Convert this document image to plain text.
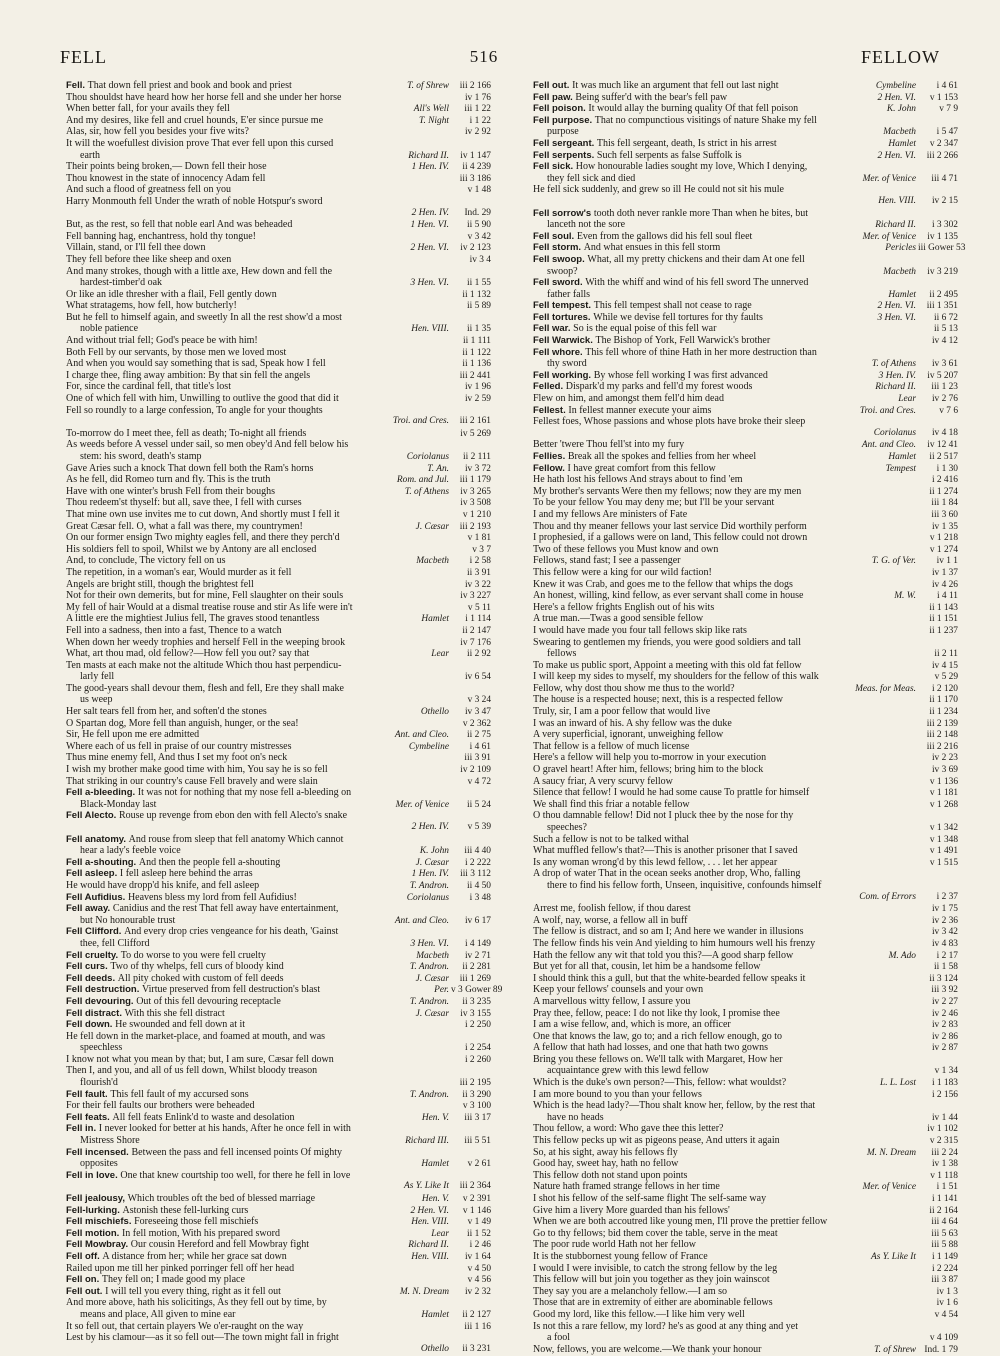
FELL	516	FELLOW
Fell. That down fell priest and book and book and priest	T. of Shrew	iii 2 166
Thou shouldst have heard how her horse fell and she under her horse	iv 1 76
When better fall, for your avails they fell	All's Well	iii 1 22
And my desires, like fell and cruel hounds, E'er since pursue me	T. Night	i 1 22
Alas, sir, how fell you besides your five wits?	iv 2 92
It will the woefullest division prove That ever fell upon this cursed
earth	Richard II.	iv 1 147
Their points being broken,— Down fell their hose	1 Hen. IV.	ii 4 239
Thou knowest in the state of innocency Adam fell	iii 3 186
And such a flood of greatness fell on you	v 1 48
Harry Monmouth fell Under the wrath of noble Hotspur's sword
2 Hen. IV.	Ind. 29
But, as the rest, so fell that noble earl And was beheaded	1 Hen. VI.	ii 5 90
Fell banning hag, enchantress, hold thy tongue!	v 3 42
Villain, stand, or I'll fell thee down	2 Hen. VI.	iv 2 123
They fell before thee like sheep and oxen	iv 3 4
And many strokes, though with a little axe, Hew down and fell the
hardest-timber'd oak	3 Hen. VI.	ii 1 55
Or like an idle thresher with a flail, Fell gently down	ii 1 132
What stratagems, how fell, how butcherly!	ii 5 89
But he fell to himself again, and sweetly In all the rest show'd a most
noble patience	Hen. VIII.	ii 1 35
And without trial fell; God's peace be with him!	ii 1 111
Both Fell by our servants, by those men we loved most	ii 1 122
And when you would say something that is sad, Speak how I fell	ii 1 136
I charge thee, fling away ambition: By that sin fell the angels	iii 2 441
For, since the cardinal fell, that title's lost	iv 1 96
One of which fell with him, Unwilling to outlive the good that did it	iv 2 59
Fell so roundly to a large confession, To angle for your thoughts
Troi. and Cres.	iii 2 161
To-morrow do I meet thee, fell as death; To-night all friends	iv 5 269
As weeds before A vessel under sail, so men obey'd And fell below his
stem: his sword, death's stamp	Coriolanus	ii 2 111
Gave Aries such a knock That down fell both the Ram's horns	T. An.	iv 3 72
As he fell, did Romeo turn and fly. This is the truth	Rom. and Jul.	iii 1 179
Have with one winter's brush Fell from their boughs	T. of Athens	iv 3 265
Thou redeem'st thyself: but all, save thee, I fell with curses	iv 3 508
That mine own use invites me to cut down, And shortly must I fell it	v 1 210
Great Cæsar fell. O, what a fall was there, my countrymen!	J. Cæsar	iii 2 193
On our former ensign Two mighty eagles fell, and there they perch'd	v 1 81
His soldiers fell to spoil, Whilst we by Antony are all enclosed	v 3 7
And, to conclude, The victory fell on us	Macbeth	i 2 58
The repetition, in a woman's ear, Would murder as it fell	ii 3 91
Angels are bright still, though the brightest fell	iv 3 22
Not for their own demerits, but for mine, Fell slaughter on their souls	iv 3 227
My fell of hair Would at a dismal treatise rouse and stir As life were in't	v 5 11
A little ere the mightiest Julius fell, The graves stood tenantless	Hamlet	i 1 114
Fell into a sadness, then into a fast, Thence to a watch	ii 2 147
When down her weedy trophies and herself Fell in the weeping brook	iv 7 176
What, art thou mad, old fellow?—How fell you out? say that	Lear	ii 2 92
Ten masts at each make not the altitude Which thou hast perpendicu-
larly fell	iv 6 54
The good-years shall devour them, flesh and fell, Ere they shall make
us weep	v 3 24
Her salt tears fell from her, and soften'd the stones	Othello	iv 3 47
O Spartan dog, More fell than anguish, hunger, or the sea!	v 2 362
Sir, He fell upon me ere admitted	Ant. and Cleo.	ii 2 75
Where each of us fell in praise of our country mistresses	Cymbeline	i 4 61
Thus mine enemy fell, And thus I set my foot on's neck	iii 3 91
I wish my brother make good time with him, You say he is so fell	iv 2 109
That striking in our country's cause Fell bravely and were slain	v 4 72
Fell a-bleeding. It was not for nothing that my nose fell a-bleeding on
Black-Monday last	Mer. of Venice	ii 5 24
Fell Alecto. Rouse up revenge from ebon den with fell Alecto's snake
2 Hen. IV.	v 5 39
Fell anatomy. And rouse from sleep that fell anatomy Which cannot
hear a lady's feeble voice	K. John	iii 4 40
Fell a-shouting. And then the people fell a-shouting	J. Cæsar	i 2 222
Fell asleep. I fell asleep here behind the arras	1 Hen. IV.	iii 3 112
He would have dropp'd his knife, and fell asleep	T. Andron.	ii 4 50
Fell Aufidius. Heavens bless my lord from fell Aufidius!	Coriolanus	i 3 48
Fell away. Canidius and the rest That fell away have entertainment,
but No honourable trust	Ant. and Cleo.	iv 6 17
Fell Clifford. And every drop cries vengeance for his death, 'Gainst
thee, fell Clifford	3 Hen. VI.	i 4 149
Fell cruelty. To do worse to you were fell cruelty	Macbeth	iv 2 71
Fell curs. Two of thy whelps, fell curs of bloody kind	T. Andron.	ii 2 281
Fell deeds. All pity choked with custom of fell deeds	J. Cæsar	iii 1 269
Fell destruction. Virtue preserved from fell destruction's blast	Per. v 3 Gower 89
Fell devouring. Out of this fell devouring receptacle	T. Andron.	ii 3 235
Fell distract. With this she fell distract	J. Cæsar	iv 3 155
Fell down. He swounded and fell down at it	i 2 250
He fell down in the market-place, and foamed at mouth, and was
speechless	i 2 254
I know not what you mean by that; but, I am sure, Cæsar fell down	i 2 260
Then I, and you, and all of us fell down, Whilst bloody treason
flourish'd	iii 2 195
Fell fault. This fell fault of my accursed sons	T. Andron.	ii 3 290
For their fell faults our brothers were beheaded	v 3 100
Fell feats. All fell feats Enlink'd to waste and desolation	Hen. V.	iii 3 17
Fell in. I never looked for better at his hands, After he once fell in with
Mistress Shore	Richard III.	iii 5 51
Fell incensed. Between the pass and fell incensed points Of mighty
opposites	Hamlet	v 2 61
Fell in love. One that knew courtship too well, for there he fell in love
As Y. Like It	iii 2 364
Fell jealousy, Which troubles oft the bed of blessed marriage	Hen. V.	v 2 391
Fell-lurking. Astonish these fell-lurking curs	2 Hen. VI.	v 1 146
Fell mischiefs. Foreseeing those fell mischiefs	Hen. VIII.	v 1 49
Fell motion. In fell motion, With his prepared sword	Lear	ii 1 52
Fell Mowbray. Our cousin Hereford and fell Mowbray fight	Richard II.	i 2 46
Fell off. A distance from her; while her grace sat down	Hen. VIII.	iv 1 64
Railed upon me till her pinked porringer fell off her head	v 4 50
Fell on. They fell on; I made good my place	v 4 56
Fell out. I will tell you every thing, right as it fell out	M. N. Dream	iv 2 32
And more above, hath his solicitings, As they fell out by time, by
means and place, All given to mine ear	Hamlet	ii 2 127
It so fell out, that certain players We o'er-raught on the way	iii 1 16
Lest by his clamour—as it so fell out—The town might fall in fright
Othello	ii 3 231
Fell out. It was much like an argument that fell out last night	Cymbeline	i 4 61
Fell paw. Being suffer'd with the bear's fell paw	2 Hen. VI.	v 1 153
Fell poison. It would allay the burning quality Of that fell poison	K. John	v 7 9
Fell purpose. That no compunctious visitings of nature Shake my fell
purpose	Macbeth	i 5 47
Fell sergeant. This fell sergeant, death, Is strict in his arrest	Hamlet	v 2 347
Fell serpents. Such fell serpents as false Suffolk is	2 Hen. VI.	iii 2 266
Fell sick. How honourable ladies sought my love, Which I denying,
they fell sick and died	Mer. of Venice	iii 4 71
He fell sick suddenly, and grew so ill He could not sit his mule
Hen. VIII.	iv 2 15
Fell sorrow's tooth doth never rankle more Than when he bites, but
lanceth not the sore	Richard II.	i 3 302
Fell soul. Even from the gallows did his fell soul fleet	Mer. of Venice	iv 1 135
Fell storm. And what ensues in this fell storm	Pericles iii Gower 53
Fell swoop. What, all my pretty chickens and their dam At one fell
swoop?	Macbeth	iv 3 219
Fell sword. With the whiff and wind of his fell sword The unnerved
father falls	Hamlet	ii 2 495
Fell tempest. This fell tempest shall not cease to rage	2 Hen. VI.	iii 1 351
Fell tortures. While we devise fell tortures for thy faults	3 Hen. VI.	ii 6 72
Fell war. So is the equal poise of this fell war	ii 5 13
Fell Warwick. The Bishop of York, Fell Warwick's brother	iv 4 12
Fell whore. This fell whore of thine Hath in her more destruction than
thy sword	T. of Athens	iv 3 61
Fell working. By whose fell working I was first advanced	3 Hen. IV.	iv 5 207
Felled. Dispark'd my parks and fell'd my forest woods	Richard II.	iii 1 23
Flew on him, and amongst them fell'd him dead	Lear	iv 2 76
Fellest. In fellest manner execute your aims	Troi. and Cres.	v 7 6
Fellest foes, Whose passions and whose plots have broke their sleep
Coriolanus	iv 4 18
Better 'twere Thou fell'st into my fury	Ant. and Cleo.	iv 12 41
Fellies. Break all the spokes and fellies from her wheel	Hamlet	ii 2 517
Fellow. I have great comfort from this fellow	Tempest	i 1 30
He hath lost his fellows And strays about to find 'em	i 2 416
My brother's servants Were then my fellows; now they are my men	ii 1 274
To be your fellow You may deny me; but I'll be your servant	iii 1 84
I and my fellows Are ministers of Fate	iii 3 60
Thou and thy meaner fellows your last service Did worthily perform	iv 1 35
I prophesied, if a gallows were on land, This fellow could not drown	v 1 218
Two of these fellows you Must know and own	v 1 274
Fellows, stand fast; I see a passenger	T. G. of Ver.	iv 1 1
This fellow were a king for our wild faction!	iv 1 37
Knew it was Crab, and goes me to the fellow that whips the dogs	iv 4 26
An honest, willing, kind fellow, as ever servant shall come in house	M. W.	i 4 11
Here's a fellow frights English out of his wits	ii 1 143
A true man.—Twas a good sensible fellow	ii 1 151
I would have made you four tall fellows skip like rats	ii 1 237
Swearing to gentlemen my friends, you were good soldiers and tall
fellows	ii 2 11
To make us public sport, Appoint a meeting with this old fat fellow	iv 4 15
I will keep my sides to myself, my shoulders for the fellow of this walk	v 5 29
Fellow, why dost thou show me thus to the world?	Meas. for Meas.	i 2 120
The house is a respected house; next, this is a respected fellow	ii 1 170
Truly, sir, I am a poor fellow that would live	ii 1 234
I was an inward of his. A shy fellow was the duke	iii 2 139
A very superficial, ignorant, unweighing fellow	iii 2 148
That fellow is a fellow of much license	iii 2 216
Here's a fellow will help you to-morrow in your execution	iv 2 23
O gravel heart! After him, fellows; bring him to the block	iv 3 69
A saucy friar, A very scurvy fellow	v 1 136
Silence that fellow! I would he had some cause To prattle for himself	v 1 181
We shall find this friar a notable fellow	v 1 268
O thou damnable fellow! Did not I pluck thee by the nose for thy
speeches?	v 1 342
Such a fellow is not to be talked withal	v 1 348
What muffled fellow's that?—This is another prisoner that I saved	v 1 491
Is any woman wrong'd by this lewd fellow, . . . let her appear	v 1 515
A drop of water That in the ocean seeks another drop, Who, falling
there to find his fellow forth, Unseen, inquisitive, confounds himself
Com. of Errors	i 2 37
Arrest me, foolish fellow, if thou darest	iv 1 75
A wolf, nay, worse, a fellow all in buff	iv 2 36
The fellow is distract, and so am I; And here we wander in illusions	iv 3 42
The fellow finds his vein And yielding to him humours well his frenzy	iv 4 83
Hath the fellow any wit that told you this?—A good sharp fellow	M. Ado	i 2 17
But yet for all that, cousin, let him be a handsome fellow	ii 1 58
I should think this a gull, but that the white-bearded fellow speaks it	ii 3 124
Keep your fellows' counsels and your own	iii 3 92
A marvellous witty fellow, I assure you	iv 2 27
Pray thee, fellow, peace: I do not like thy look, I promise thee	iv 2 46
I am a wise fellow, and, which is more, an officer	iv 2 83
One that knows the law, go to; and a rich fellow enough, go to	iv 2 86
A fellow that hath had losses, and one that hath two gowns	iv 2 87
Bring you these fellows on. We'll talk with Margaret, How her
acquaintance grew with this lewd fellow	v 1 34
Which is the duke's own person?—This, fellow: what wouldst?	L. L. Lost	i 1 183
I am more bound to you than your fellows	i 2 156
Which is the head lady?—Thou shalt know her, fellow, by the rest that
have no heads	iv 1 44
Thou fellow, a word: Who gave thee this letter?	iv 1 102
This fellow pecks up wit as pigeons pease, And utters it again	v 2 315
So, at his sight, away his fellows fly	M. N. Dream	iii 2 24
Good hay, sweet hay, hath no fellow	iv 1 38
This fellow doth not stand upon points	v 1 118
Nature hath framed strange fellows in her time	Mer. of Venice	i 1 51
I shot his fellow of the self-same flight The self-same way	i 1 141
Give him a livery More guarded than his fellows'	ii 2 164
When we are both accoutred like young men, I'll prove the prettier fellow	iii 4 64
Go to thy fellows; bid them cover the table, serve in the meat	iii 5 63
The poor rude world Hath not her fellow	iii 5 88
It is the stubbornest young fellow of France	As Y. Like It	i 1 149
I would I were invisible, to catch the strong fellow by the leg	i 2 224
This fellow will but join you together as they join wainscot	iii 3 87
They say you are a melancholy fellow.—I am so	iv 1 3
Those that are in extremity of either are abominable fellows	iv 1 6
Good my lord, like this fellow.—I like him very well	v 4 54
Is not this a rare fellow, my lord? he's as good at any thing and yet
a fool	v 4 109
Now, fellows, you are welcome.—We thank your honour	T. of Shrew Ind. 1 79
